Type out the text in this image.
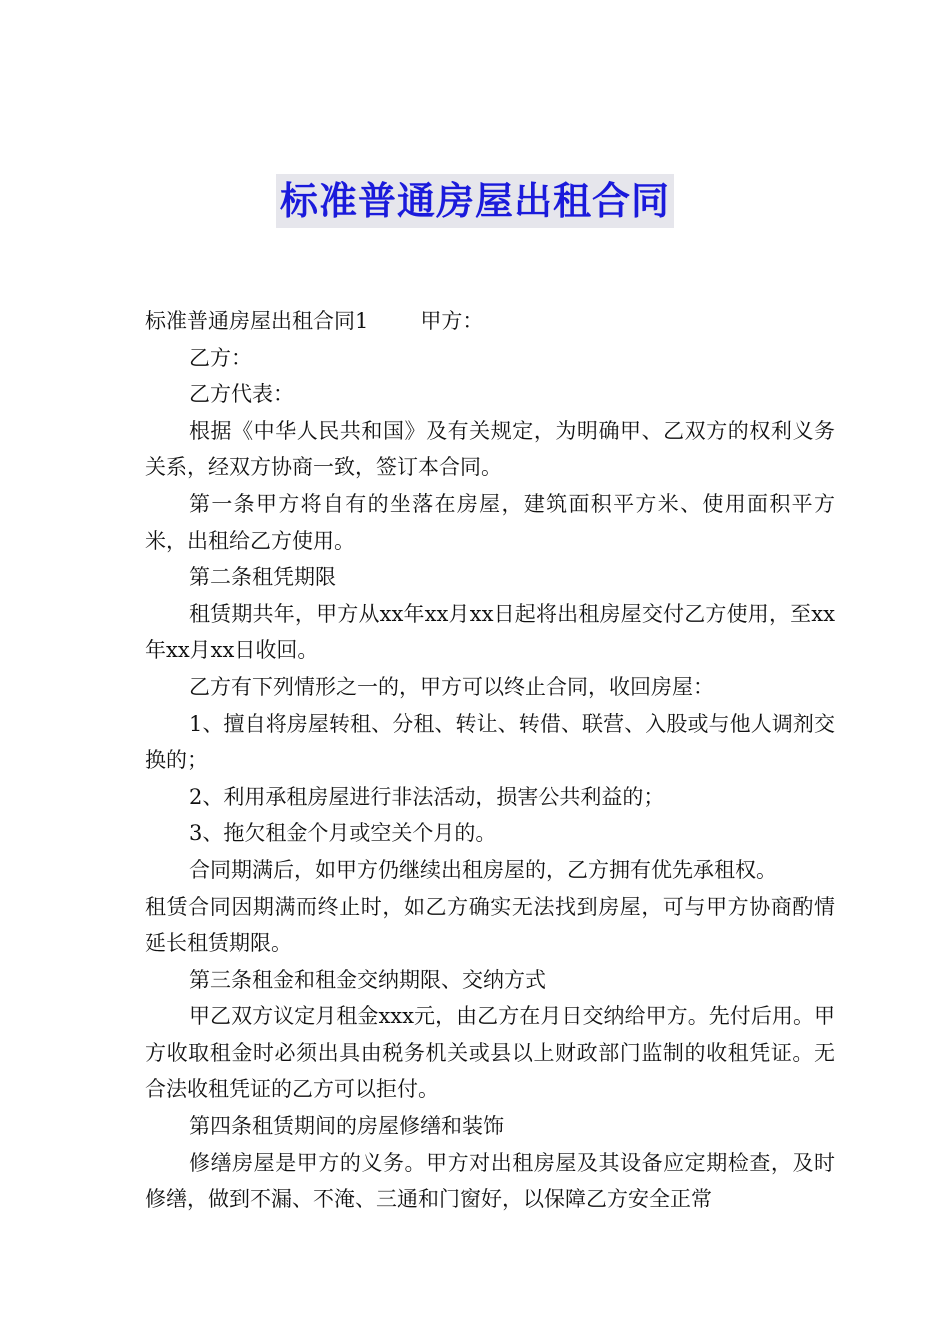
标准普通房屋出租合同

标准普通房屋出租合同1 甲方：

乙方：

乙方代表：

根据《中华人民共和国》及有关规定，为明确甲、乙双方的权利义务关系，经双方协商一致，签订本合同。

第一条甲方将自有的坐落在房屋，建筑面积平方米、使用面积平方米，出租给乙方使用。

第二条租凭期限

租赁期共年，甲方从xx年xx月xx日起将出租房屋交付乙方使用，至xx年xx月xx日收回。

乙方有下列情形之一的，甲方可以终止合同，收回房屋：

1、擅自将房屋转租、分租、转让、转借、联营、入股或与他人调剂交换的；

2、利用承租房屋进行非法活动，损害公共利益的；

3、拖欠租金个月或空关个月的。

合同期满后，如甲方仍继续出租房屋的，乙方拥有优先承租权。

租赁合同因期满而终止时，如乙方确实无法找到房屋，可与甲方协商酌情延长租赁期限。

第三条租金和租金交纳期限、交纳方式

甲乙双方议定月租金xxx元，由乙方在月日交纳给甲方。先付后用。甲方收取租金时必须出具由税务机关或县以上财政部门监制的收租凭证。无合法收租凭证的乙方可以拒付。

第四条租赁期间的房屋修缮和装饰

修缮房屋是甲方的义务。甲方对出租房屋及其设备应定期检查，及时修缮，做到不漏、不淹、三通和门窗好，以保障乙方安全正常
